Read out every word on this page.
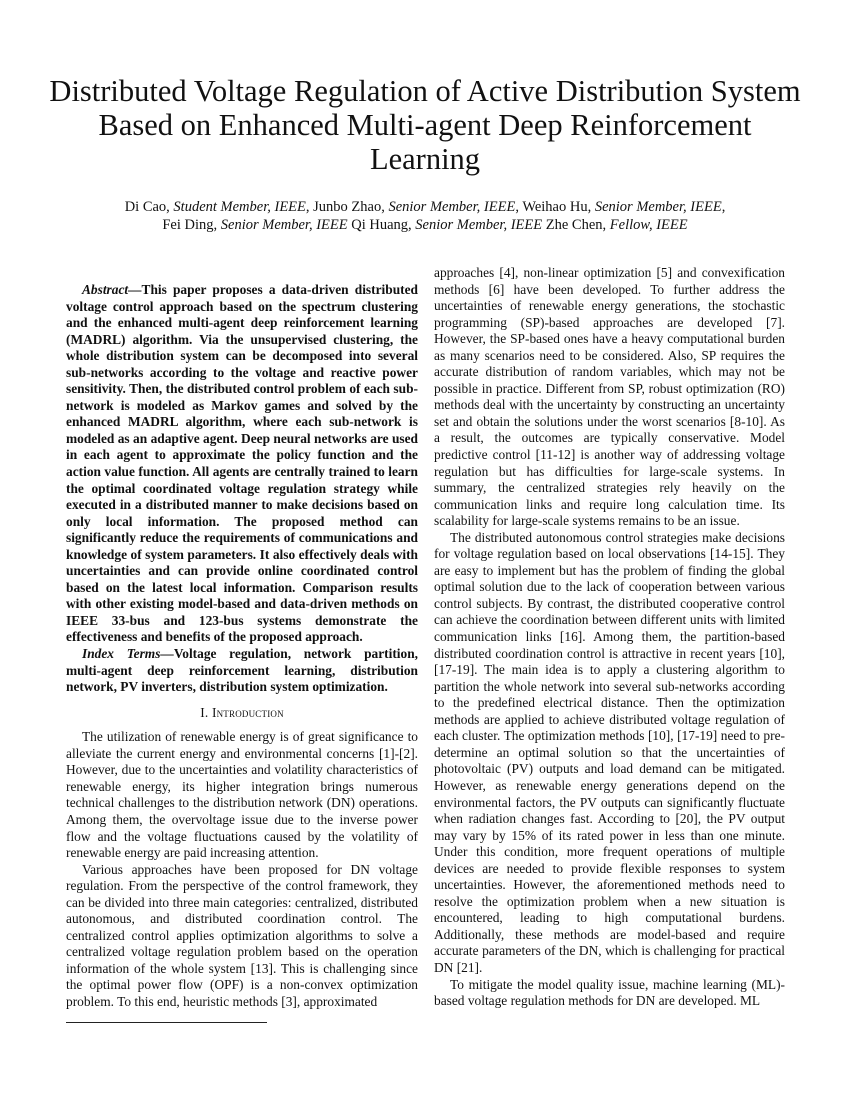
Distributed Voltage Regulation of Active Distribution System Based on Enhanced Multi-agent Deep Reinforcement Learning
Di Cao, Student Member, IEEE, Junbo Zhao, Senior Member, IEEE, Weihao Hu, Senior Member, IEEE,
Fei Ding, Senior Member, IEEE Qi Huang, Senior Member, IEEE Zhe Chen, Fellow, IEEE

Abstract—This paper proposes a data-driven distributed voltage control approach based on the spectrum clustering and the enhanced multi-agent deep reinforcement learning (MADRL) algorithm. Via the unsupervised clustering, the whole distribution system can be decomposed into several sub-networks according to the voltage and reactive power sensitivity. Then, the distributed control problem of each sub-network is modeled as Markov games and solved by the enhanced MADRL algorithm, where each sub-network is modeled as an adaptive agent. Deep neural networks are used in each agent to approximate the policy function and the action value function. All agents are centrally trained to learn the optimal coordinated voltage regulation strategy while executed in a distributed manner to make decisions based on only local information. The proposed method can significantly reduce the requirements of communications and knowledge of system parameters. It also effectively deals with uncertainties and can provide online coordinated control based on the latest local information. Comparison results with other existing model-based and data-driven methods on IEEE 33-bus and 123-bus systems demonstrate the effectiveness and benefits of the proposed approach.

Index Terms—Voltage regulation, network partition, multi-agent deep reinforcement learning, distribution network, PV inverters, distribution system optimization.

I. Introduction

The utilization of renewable energy is of great significance to alleviate the current energy and environmental concerns [1]-[2]. However, due to the uncertainties and volatility characteristics of renewable energy, its higher integration brings numerous technical challenges to the distribution network (DN) operations. Among them, the overvoltage issue due to the inverse power flow and the voltage fluctuations caused by the volatility of renewable energy are paid increasing attention.

Various approaches have been proposed for DN voltage regulation. From the perspective of the control framework, they can be divided into three main categories: centralized, distributed autonomous, and distributed coordination control. The centralized control applies optimization algorithms to solve a centralized voltage regulation problem based on the operation information of the whole system [13]. This is challenging since the optimal power flow (OPF) is a non-convex optimization problem. To this end, heuristic methods [3], approximated

approaches [4], non-linear optimization [5] and convexification methods [6] have been developed. To further address the uncertainties of renewable energy generations, the stochastic programming (SP)-based approaches are developed [7]. However, the SP-based ones have a heavy computational burden as many scenarios need to be considered. Also, SP requires the accurate distribution of random variables, which may not be possible in practice. Different from SP, robust optimization (RO) methods deal with the uncertainty by constructing an uncertainty set and obtain the solutions under the worst scenarios [8-10]. As a result, the outcomes are typically conservative. Model predictive control [11-12] is another way of addressing voltage regulation but has difficulties for large-scale systems. In summary, the centralized strategies rely heavily on the communication links and require long calculation time. Its scalability for large-scale systems remains to be an issue.

The distributed autonomous control strategies make decisions for voltage regulation based on local observations [14-15]. They are easy to implement but has the problem of finding the global optimal solution due to the lack of cooperation between various control subjects. By contrast, the distributed cooperative control can achieve the coordination between different units with limited communication links [16]. Among them, the partition-based distributed coordination control is attractive in recent years [10], [17-19]. The main idea is to apply a clustering algorithm to partition the whole network into several sub-networks according to the predefined electrical distance. Then the optimization methods are applied to achieve distributed voltage regulation of each cluster. The optimization methods [10], [17-19] need to pre-determine an optimal solution so that the uncertainties of photovoltaic (PV) outputs and load demand can be mitigated. However, as renewable energy generations depend on the environmental factors, the PV outputs can significantly fluctuate when radiation changes fast. According to [20], the PV output may vary by 15% of its rated power in less than one minute. Under this condition, more frequent operations of multiple devices are needed to provide flexible responses to system uncertainties. However, the aforementioned methods need to resolve the optimization problem when a new situation is encountered, leading to high computational burdens. Additionally, these methods are model-based and require accurate parameters of the DN, which is challenging for practical DN [21].

To mitigate the model quality issue, machine learning (ML)-based voltage regulation methods for DN are developed. ML
